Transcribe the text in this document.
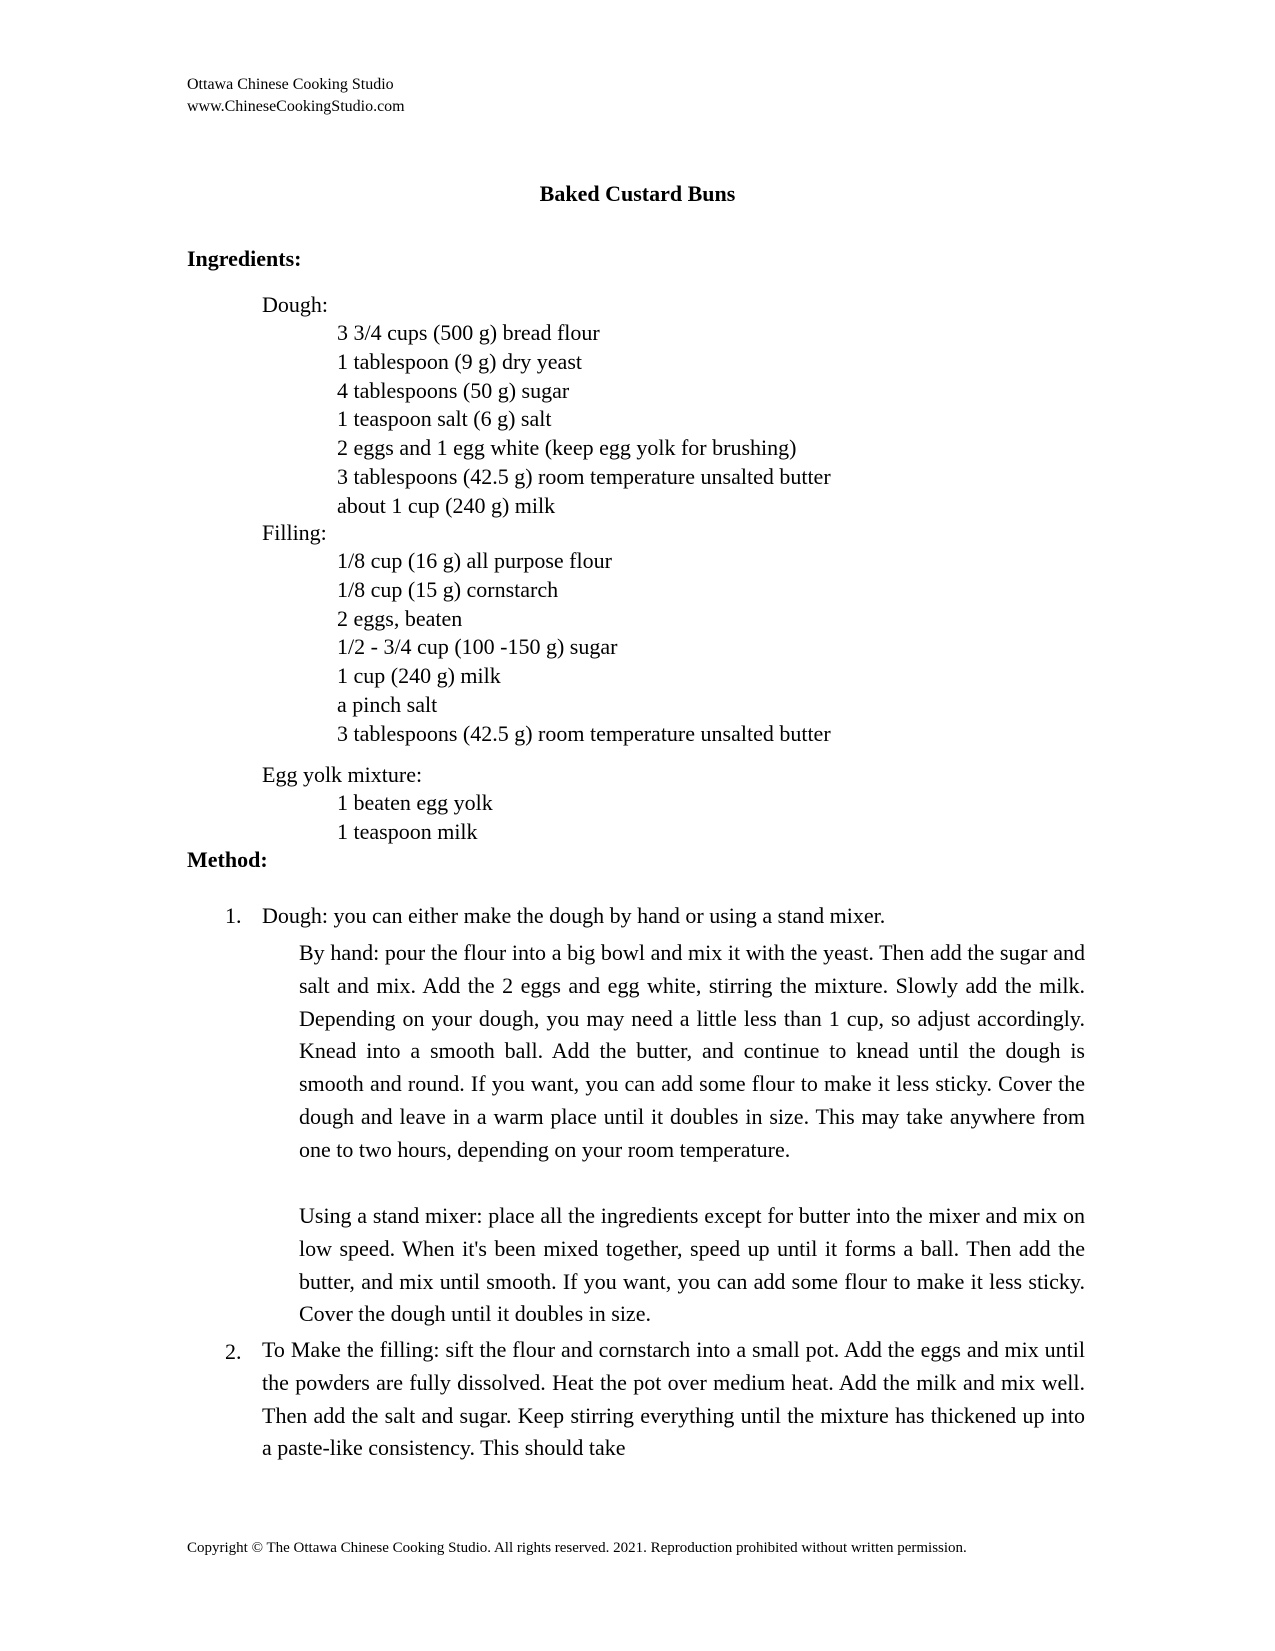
Ottawa Chinese Cooking Studio
www.ChineseCookingStudio.com
Baked Custard Buns
Ingredients:
Dough:
3 3/4 cups (500 g) bread flour
1 tablespoon (9 g) dry yeast
4 tablespoons (50 g) sugar
1 teaspoon salt (6 g) salt
2 eggs and 1 egg white (keep egg yolk for brushing)
3 tablespoons (42.5 g) room temperature unsalted butter
about 1 cup (240 g) milk
Filling:
1/8 cup (16 g) all purpose flour
1/8 cup (15 g) cornstarch
2 eggs, beaten
1/2 - 3/4 cup (100 -150 g) sugar
1 cup (240 g) milk
a pinch salt
3 tablespoons (42.5 g) room temperature unsalted butter
Egg yolk mixture:
1 beaten egg yolk
1 teaspoon milk
Method:
1. Dough: you can either make the dough by hand or using a stand mixer.

By hand: pour the flour into a big bowl and mix it with the yeast. Then add the sugar and salt and mix. Add the 2 eggs and egg white, stirring the mixture. Slowly add the milk. Depending on your dough, you may need a little less than 1 cup, so adjust accordingly. Knead into a smooth ball. Add the butter, and continue to knead until the dough is smooth and round. If you want, you can add some flour to make it less sticky. Cover the dough and leave in a warm place until it doubles in size. This may take anywhere from one to two hours, depending on your room temperature.

Using a stand mixer: place all the ingredients except for butter into the mixer and mix on low speed. When it's been mixed together, speed up until it forms a ball. Then add the butter, and mix until smooth. If you want, you can add some flour to make it less sticky. Cover the dough until it doubles in size.

2. To Make the filling: sift the flour and cornstarch into a small pot. Add the eggs and mix until the powders are fully dissolved. Heat the pot over medium heat. Add the milk and mix well. Then add the salt and sugar. Keep stirring everything until the mixture has thickened up into a paste-like consistency. This should take

Copyright © The Ottawa Chinese Cooking Studio. All rights reserved. 2021. Reproduction prohibited without written permission.
